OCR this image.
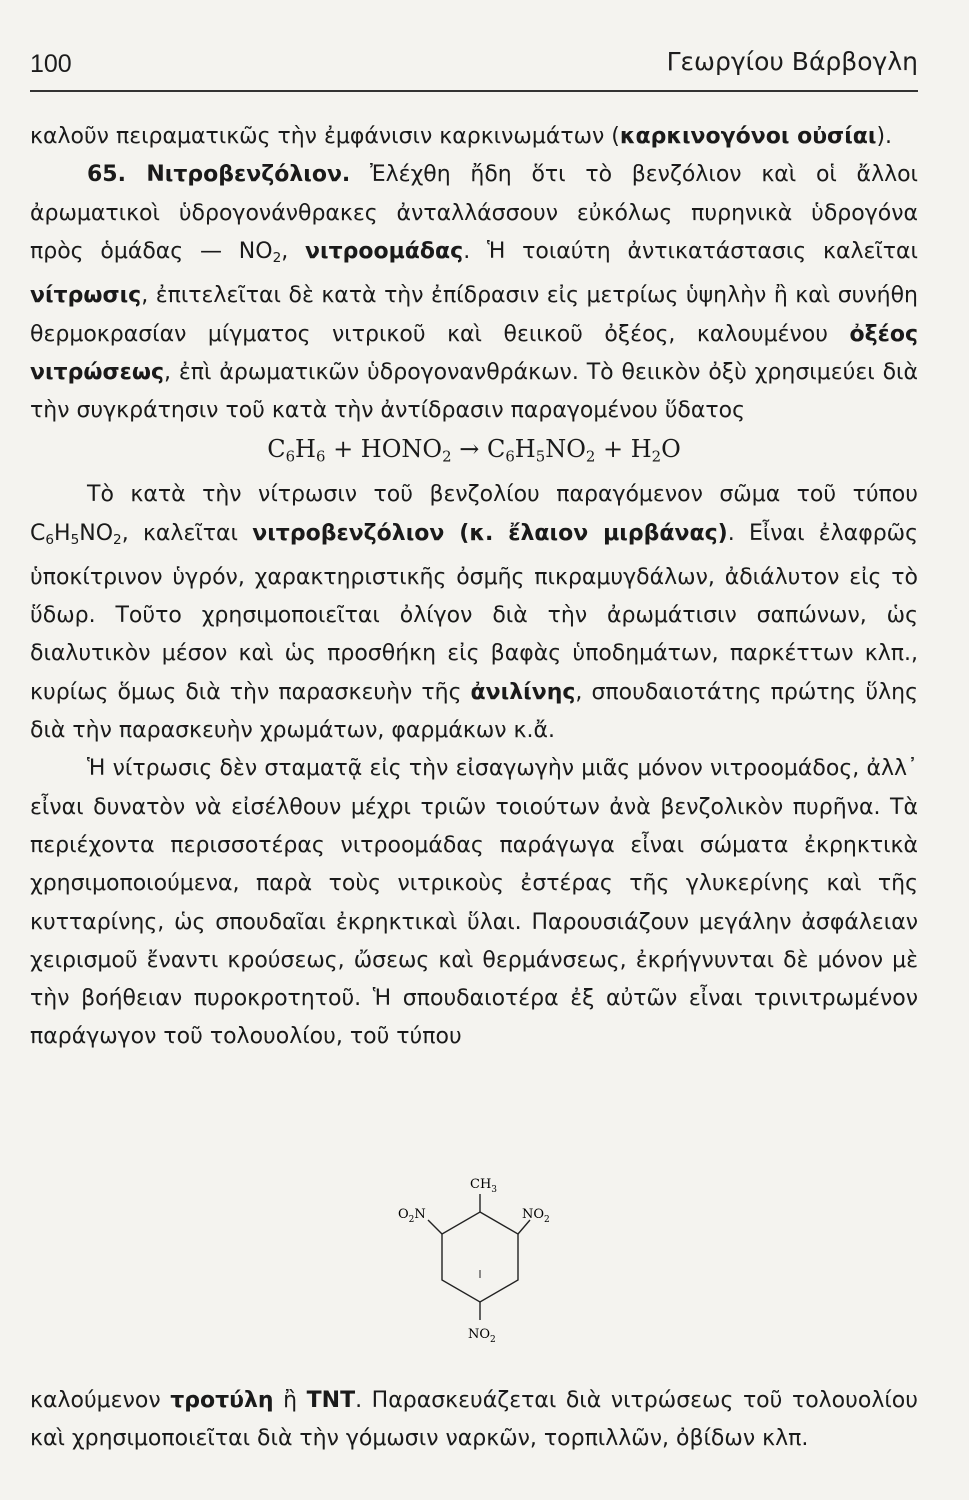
100	Γεωργίου Βάρβογλη

καλοῦν πειραματικῶς τὴν ἐμφάνισιν καρκινωμάτων (καρκινογόνοι οὐσίαι).

65. Νιτροβενζόλιον. Ἐλέχθη ἤδη ὅτι τὸ βενζόλιον καὶ οἱ ἄλλοι ἀρωματικοὶ ὑδρογονάνθρακες ἀνταλλάσσουν εὐκόλως πυρηνικὰ ὑδρογόνα πρὸς ὁμάδας — $NO_2$, νιτροομάδας. Ἡ τοιαύτη ἀντικατάστασις καλεῖται νίτρωσις, ἐπιτελεῖται δὲ κατὰ τὴν ἐπίδρασιν εἰς μετρίως ὑψηλὴν ἢ καὶ συνήθη θερμοκρασίαν μίγματος νιτρικοῦ καὶ θειικοῦ ὀξέος, καλουμένου ὀξέος νιτρώσεως, ἐπὶ ἀρωματικῶν ὑδρογονανθράκων. Τὸ θειικὸν ὀξὺ χρησιμεύει διὰ τὴν συγκράτησιν τοῦ κατὰ τὴν ἀντίδρασιν παραγομένου ὕδατος

$C_6H_6$ + $HONO_2 \to C_6H_5NO_2 + H_2O$

Τὸ κατὰ τὴν νίτρωσιν τοῦ βενζολίου παραγόμενον σῶμα τοῦ τύπου $C_6H_5NO_2$, καλεῖται νιτροβενζόλιον (κ. ἔλαιον μιρβάνας). Εἶναι ἐλαφρῶς ὑποκίτρινον ὑγρόν, χαρακτηριστικῆς ὀσμῆς πικραμυγδάλων, ἀδιάλυτον εἰς τὸ ὕδωρ. Τοῦτο χρησιμοποιεῖται ὀλίγον διὰ τὴν ἀρωμάτισιν σαπώνων, ὡς διαλυτικὸν μέσον καὶ ὡς προσθήκη εἰς βαφὰς ὑποδημάτων, παρκέττων κλπ., κυρίως ὅμως διὰ τὴν παρασκευὴν τῆς ἀνιλίνης, σπουδαιοτάτης πρώτης ὕλης διὰ τὴν παρασκευὴν χρωμάτων, φαρμάκων κ.ἄ.

Ἡ νίτρωσις δὲν σταματᾷ εἰς τὴν εἰσαγωγὴν μιᾶς μόνον νιτροομάδος, ἀλλ᾽ εἶναι δυνατὸν νὰ εἰσέλθουν μέχρι τριῶν τοιούτων ἀνὰ βενζολικὸν πυρῆνα. Τὰ περιέχοντα περισσοτέρας νιτροομάδας παράγωγα εἶναι σώματα ἐκρηκτικὰ χρησιμοποιούμενα, παρὰ τοὺς νιτρικοὺς ἐστέρας τῆς γλυκερίνης καὶ τῆς κυτταρίνης, ὡς σπουδαῖαι ἐκρηκτικαὶ ὕλαι. Παρουσιάζουν μεγάλην ἀσφάλειαν χειρισμοῦ ἔναντι κρούσεως, ὤσεως καὶ θερμάνσεως, ἐκρήγνυνται δὲ μόνον μὲ τὴν βοήθειαν πυροκροτητοῦ. Ἡ σπουδαιοτέρα ἐξ αὐτῶν εἶναι τρινιτρωμένον παράγωγον τοῦ τολουολίου, τοῦ τύπου

$CH_3$
$O_2N$	$NO_2$
$NO_2$

καλούμενον τροτύλη ἢ TNT. Παρασκευάζεται διὰ νιτρώσεως τοῦ τολουολίου καὶ χρησιμοποιεῖται διὰ τὴν γόμωσιν ναρκῶν, τορπιλλῶν, ὀβίδων κλπ.
